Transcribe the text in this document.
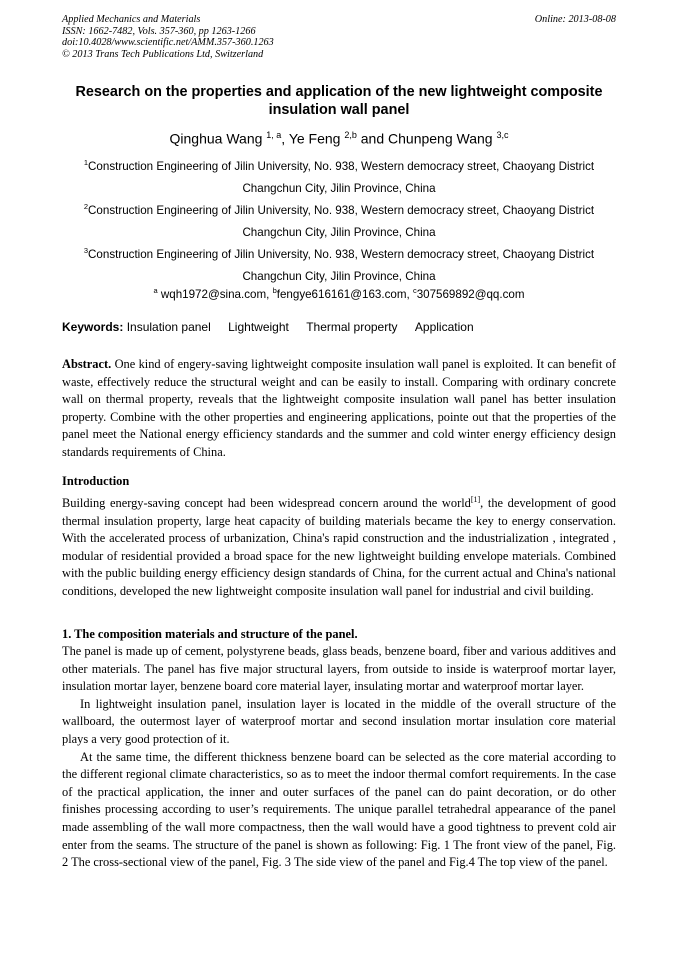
Applied Mechanics and Materials
ISSN: 1662-7482, Vols. 357-360, pp 1263-1266
doi:10.4028/www.scientific.net/AMM.357-360.1263
© 2013 Trans Tech Publications Ltd, Switzerland
Online: 2013-08-08
Research on the properties and application of the new lightweight composite insulation wall panel
Qinghua Wang $^{1, a}$, Ye Feng $^{2,b}$ and Chunpeng Wang $^{3,c}$
$^1$Construction Engineering of Jilin University, No. 938, Western democracy street, Chaoyang District
Changchun City, Jilin Province, China
$^2$Construction Engineering of Jilin University, No. 938, Western democracy street, Chaoyang District
Changchun City, Jilin Province, China
$^3$Construction Engineering of Jilin University, No. 938, Western democracy street, Chaoyang District
Changchun City, Jilin Province, China
$^a$ wqh1972@sina.com, $^b$fengye616161@163.com, $^c$307569892@qq.com
Keywords: Insulation panel Lightweight Thermal property Application
Abstract. One kind of engery-saving lightweight composite insulation wall panel is exploited. It can benefit of waste, effectively reduce the structural weight and can be easily to install. Comparing with ordinary concrete wall on thermal property, reveals that the lightweight composite insulation wall panel has better insulation property. Combine with the other properties and engineering applications, pointe out that the properties of the panel meet the National energy efficiency standards and the summer and cold winter energy efficiency design standards requirements of China.
Introduction
Building energy-saving concept had been widespread concern around the world[1], the development of good thermal insulation property, large heat capacity of building materials became the key to energy conservation. With the accelerated process of urbanization, China's rapid construction and the industrialization , integrated , modular of residential provided a broad space for the new lightweight building envelope materials. Combined with the public building energy efficiency design standards of China, for the current actual and China's national conditions, developed the new lightweight composite insulation wall panel for industrial and civil building.
1. The composition materials and structure of the panel.
The panel is made up of cement, polystyrene beads, glass beads, benzene board, fiber and various additives and other materials. The panel has five major structural layers, from outside to inside is waterproof mortar layer, insulation mortar layer, benzene board core material layer, insulating mortar and waterproof mortar layer.
In lightweight insulation panel, insulation layer is located in the middle of the overall structure of the wallboard, the outermost layer of waterproof mortar and second insulation mortar insulation core material plays a very good protection of it.
At the same time, the different thickness benzene board can be selected as the core material according to the different regional climate characteristics, so as to meet the indoor thermal comfort requirements. In the case of the practical application, the inner and outer surfaces of the panel can do paint decoration, or do other finishes processing according to user’s requirements. The unique parallel tetrahedral appearance of the panel made assembling of the wall more compactness, then the wall would have a good tightness to prevent cold air enter from the seams. The structure of the panel is shown as following: Fig. 1 The front view of the panel, Fig. 2 The cross-sectional view of the panel, Fig. 3 The side view of the panel and Fig.4 The top view of the panel.
